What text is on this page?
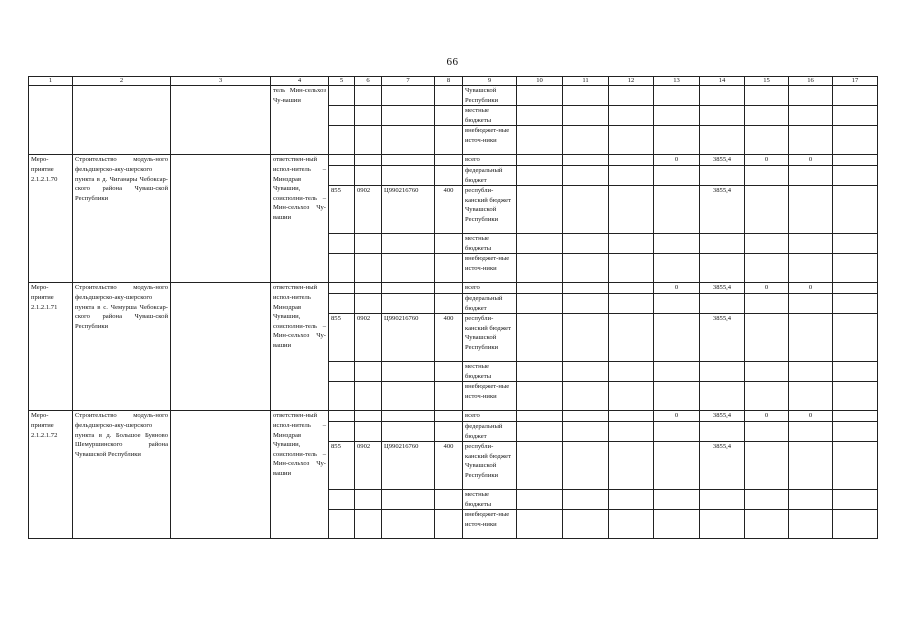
66
1	2	3	4	5	6	7	8	9	10	11	12	13	14	15	16	17
			тель Мин-сельхоз Чу-вашии					Чувашской Республики								
								местные бюджеты								
								внебюджет-ные источ-ники								
Меро-приятие 2.1.2.1.70	Строительство модуль-ного фельдшерско-аку-шерского пункта в д. Чиганары Чебоксар-ского района Чуваш-ской Республики		ответствен-ный испол-нитель – Минздрав Чувашии, соисполни-тель – Мин-сельхоз Чу-вашии					всего				0	3855,4	0	0	
								федеральный бюджет								
				855	0902	Ц990216760	400	республи-канский бюджет Чувашской Республики					3855,4			
								местные бюджеты								
								внебюджет-ные источ-ники								
Меро-приятие 2.1.2.1.71	Строительство модуль-ного фельдшерско-аку-шерского пункта в с. Чемурша Чебоксар-ского района Чуваш-ской Республики		ответствен-ный испол-нитель Минздрав Чувашии, соисполни-тель – Мин-сельхоз Чу-вашии					всего				0	3855,4	0	0	
								федеральный бюджет								
				855	0902	Ц990216760	400	республи-канский бюджет Чувашской Республики					3855,4			
								местные бюджеты								
								внебюджет-ные источ-ники								
Меро-приятие 2.1.2.1.72	Строительство модуль-ного фельдшерско-аку-шерского пункта в д. Большое Буяново Шемуршинского района Чувашской Республики		ответствен-ный испол-нитель – Минздрав Чувашии, соисполни-тель – Мин-сельхоз Чу-вашии					всего				0	3855,4	0	0	
								федеральный бюджет								
				855	0902	Ц990216760	400	республи-канский бюджет Чувашской Республики					3855,4			
								местные бюджеты								
								внебюджет-ные источ-ники								
